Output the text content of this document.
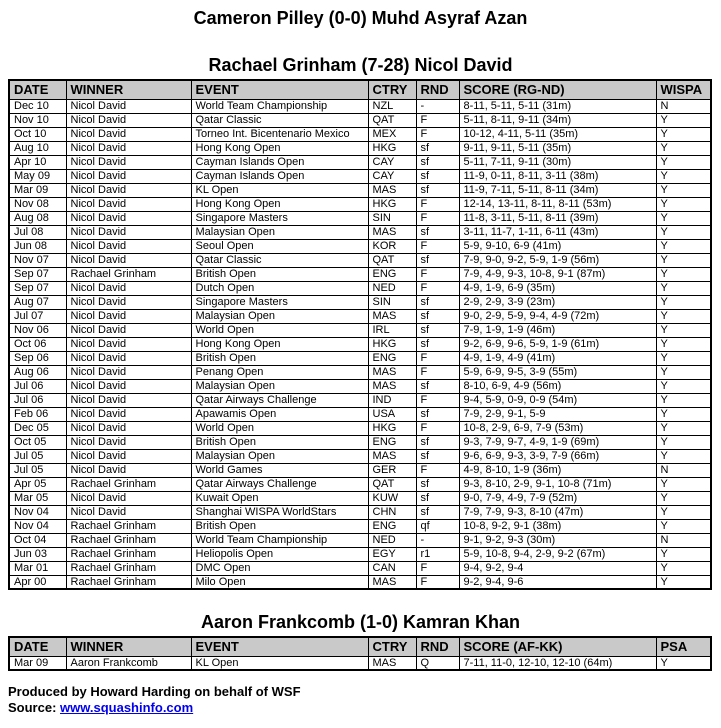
Cameron Pilley (0-0) Muhd Asyraf Azan
Rachael Grinham (7-28) Nicol David
DATE	WINNER	EVENT	CTRY	RND	SCORE (RG-ND)	WISPA
Dec 10	Nicol David	World Team Championship	NZL	-	8-11, 5-11, 5-11 (31m)	N
Nov 10	Nicol David	Qatar Classic	QAT	F	5-11, 8-11, 9-11 (34m)	Y
Oct 10	Nicol David	Torneo Int. Bicentenario Mexico	MEX	F	10-12, 4-11, 5-11 (35m)	Y
Aug 10	Nicol David	Hong Kong Open	HKG	sf	9-11, 9-11, 5-11 (35m)	Y
Apr 10	Nicol David	Cayman Islands Open	CAY	sf	5-11, 7-11, 9-11 (30m)	Y
May 09	Nicol David	Cayman Islands Open	CAY	sf	11-9, 0-11, 8-11, 3-11 (38m)	Y
Mar 09	Nicol David	KL Open	MAS	sf	11-9, 7-11, 5-11, 8-11 (34m)	Y
Nov 08	Nicol David	Hong Kong Open	HKG	F	12-14, 13-11, 8-11, 8-11 (53m)	Y
Aug 08	Nicol David	Singapore Masters	SIN	F	11-8, 3-11, 5-11, 8-11 (39m)	Y
Jul 08	Nicol David	Malaysian Open	MAS	sf	3-11, 11-7, 1-11, 6-11 (43m)	Y
Jun 08	Nicol David	Seoul Open	KOR	F	5-9, 9-10, 6-9 (41m)	Y
Nov 07	Nicol David	Qatar Classic	QAT	sf	7-9, 9-0, 9-2, 5-9, 1-9 (56m)	Y
Sep 07	Rachael Grinham	British Open	ENG	F	7-9, 4-9, 9-3, 10-8, 9-1 (87m)	Y
Sep 07	Nicol David	Dutch Open	NED	F	4-9, 1-9, 6-9 (35m)	Y
Aug 07	Nicol David	Singapore Masters	SIN	sf	2-9, 2-9, 3-9 (23m)	Y
Jul 07	Nicol David	Malaysian Open	MAS	sf	9-0, 2-9, 5-9, 9-4, 4-9 (72m)	Y
Nov 06	Nicol David	World Open	IRL	sf	7-9, 1-9, 1-9 (46m)	Y
Oct 06	Nicol David	Hong Kong Open	HKG	sf	9-2, 6-9, 9-6, 5-9, 1-9 (61m)	Y
Sep 06	Nicol David	British Open	ENG	F	4-9, 1-9, 4-9 (41m)	Y
Aug 06	Nicol David	Penang Open	MAS	F	5-9, 6-9, 9-5, 3-9 (55m)	Y
Jul 06	Nicol David	Malaysian Open	MAS	sf	8-10, 6-9, 4-9 (56m)	Y
Jul 06	Nicol David	Qatar Airways Challenge	IND	F	9-4, 5-9, 0-9, 0-9 (54m)	Y
Feb 06	Nicol David	Apawamis Open	USA	sf	7-9, 2-9, 9-1, 5-9	Y
Dec 05	Nicol David	World Open	HKG	F	10-8, 2-9, 6-9, 7-9 (53m)	Y
Oct 05	Nicol David	British Open	ENG	sf	9-3, 7-9, 9-7, 4-9, 1-9 (69m)	Y
Jul 05	Nicol David	Malaysian Open	MAS	sf	9-6, 6-9, 9-3, 3-9, 7-9 (66m)	Y
Jul 05	Nicol David	World Games	GER	F	4-9, 8-10, 1-9 (36m)	N
Apr 05	Rachael Grinham	Qatar Airways Challenge	QAT	sf	9-3, 8-10, 2-9, 9-1, 10-8 (71m)	Y
Mar 05	Nicol David	Kuwait Open	KUW	sf	9-0, 7-9, 4-9, 7-9 (52m)	Y
Nov 04	Nicol David	Shanghai WISPA WorldStars	CHN	sf	7-9, 7-9, 9-3, 8-10 (47m)	Y
Nov 04	Rachael Grinham	British Open	ENG	qf	10-8, 9-2, 9-1 (38m)	Y
Oct 04	Rachael Grinham	World Team Championship	NED	-	9-1, 9-2, 9-3 (30m)	N
Jun 03	Rachael Grinham	Heliopolis Open	EGY	r1	5-9, 10-8, 9-4, 2-9, 9-2 (67m)	Y
Mar 01	Rachael Grinham	DMC Open	CAN	F	9-4, 9-2, 9-4	Y
Apr 00	Rachael Grinham	Milo Open	MAS	F	9-2, 9-4, 9-6	Y
Aaron Frankcomb (1-0) Kamran Khan
DATE	WINNER	EVENT	CTRY	RND	SCORE (AF-KK)	PSA
Mar 09	Aaron Frankcomb	KL Open	MAS	Q	7-11, 11-0, 12-10, 12-10 (64m)	Y
Produced by Howard Harding on behalf of WSF
Source: www.squashinfo.com
